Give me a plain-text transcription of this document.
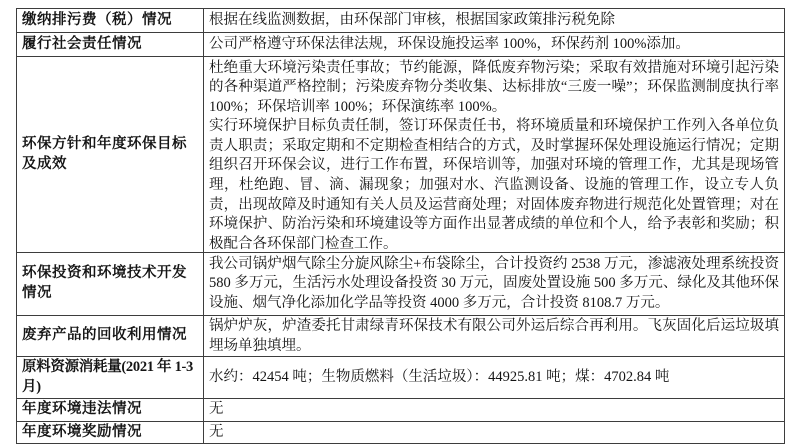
缴纳排污费（税）情况	根据在线监测数据，由环保部门审核，根据国家政策排污税免除
履行社会责任情况	公司严格遵守环保法律法规，环保设施投运率 100%，环保药剂 100%添加。
环保方针和年度环保目标及成效	杜绝重大环境污染责任事故；节约能源，降低废弃物污染；采取有效措施对环境引起污染的各种渠道严格控制；污染废弃物分类收集、达标排放“三废一噪”；环保监测制度执行率 100%；环保培训率 100%；环保演练率 100%。

实行环境保护目标负责任制，签订环保责任书，将环境质量和环境保护工作列入各单位负责人职责；采取定期和不定期检查相结合的方式，及时掌握环保处理设施运行情况；定期组织召开环保会议，进行工作布置，环保培训等，加强对环境的管理工作，尤其是现场管理，杜绝跑、冒、滴、漏现象；加强对水、汽监测设备、设施的管理工作，设立专人负责，出现故障及时通知有关人员及运营商处理；对固体废弃物进行规范化处置管理；对在环境保护、防治污染和环境建设等方面作出显著成绩的单位和个人，给予表彰和奖励；积极配合各环保部门检查工作。

环保投资和环境技术开发情况	我公司锅炉烟气除尘分旋风除尘+布袋除尘，合计投资约 2538 万元，渗滤液处理系统投资 580 多万元，生活污水处理设备投资 30 万元，固废处置设施 500 多万元、绿化及其他环保设施、烟气净化添加化学品等投资 4000 多万元，合计投资 8108.7 万元。

废弃产品的回收利用情况	锅炉炉灰，炉渣委托甘肃绿青环保技术有限公司外运后综合再利用。飞灰固化后运垃圾填埋场单独填埋。

原料资源消耗量(2021 年 1-3 月)	水约：42454 吨；生物质燃料（生活垃圾）：44925.81 吨；煤：4702.84 吨
年度环境违法情况	无
年度环境奖励情况	无
